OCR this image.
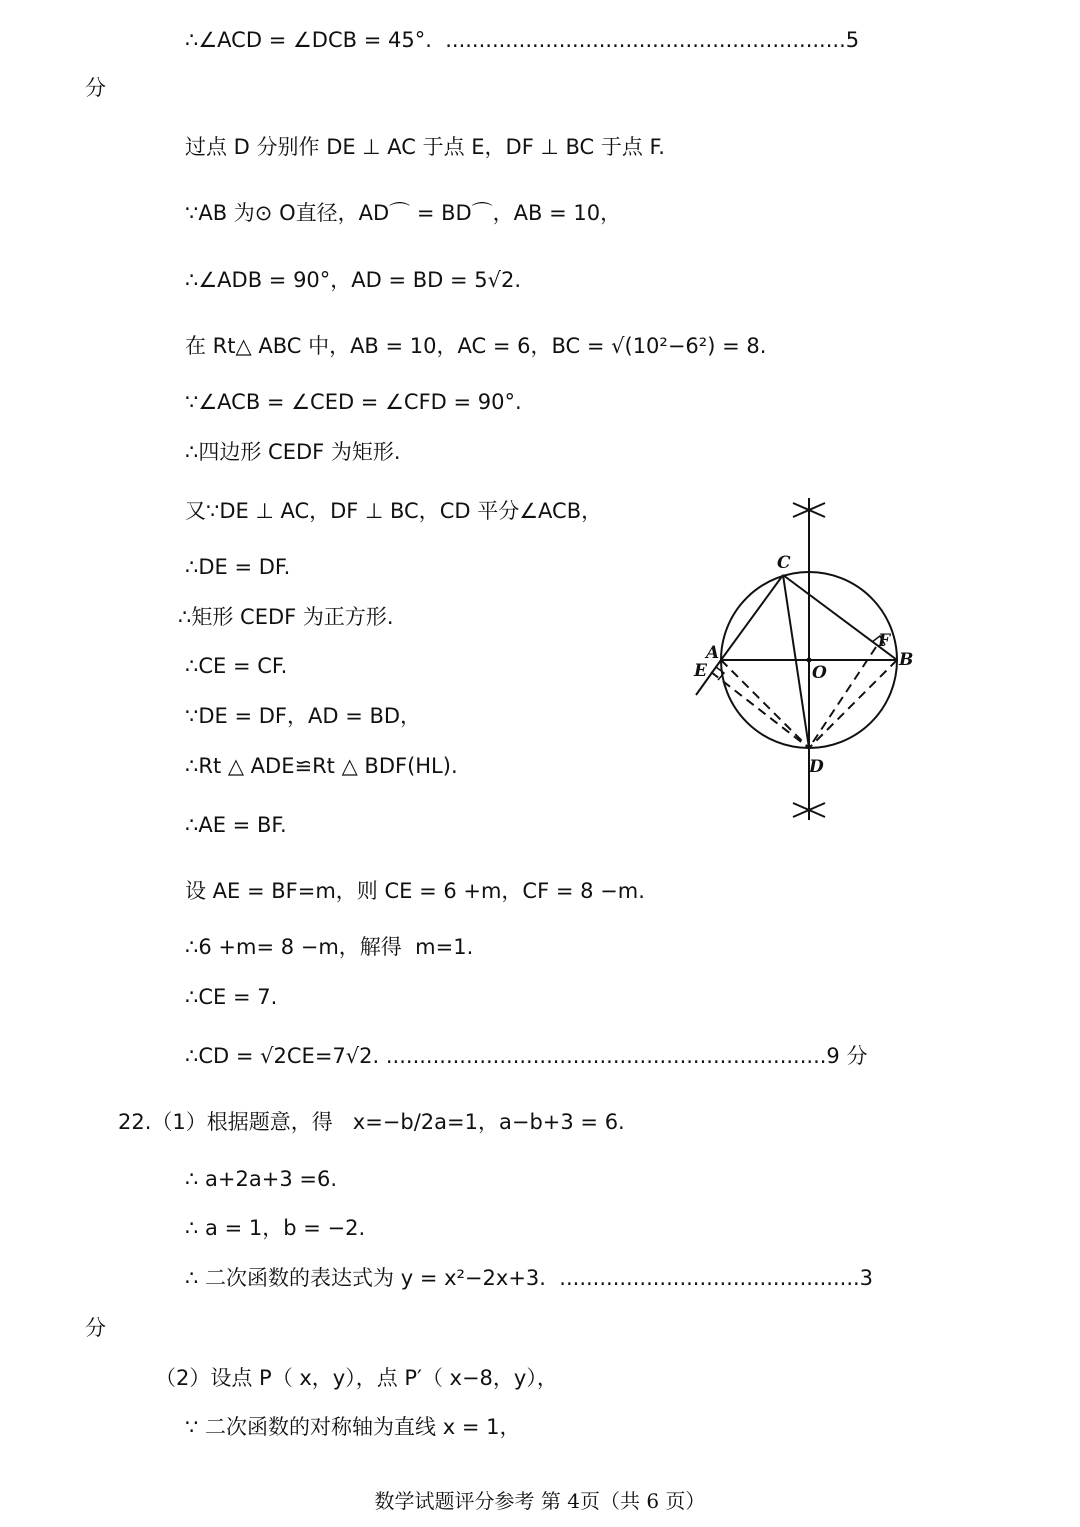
∴∠ACD = ∠DCB = 45°.  ............................................................5
分
过点 D 分别作 DE ⊥ AC 于点 E，DF ⊥ BC 于点 F.
∵AB 为⊙ O直径，AD⌒ = BD⌒，AB = 10，
∴∠ADB = 90°，AD = BD = 5√2.
在 Rt△ ABC 中，AB = 10，AC = 6，BC = √(10²−6²) = 8.
∵∠ACB = ∠CED = ∠CFD = 90°.
∴四边形 CEDF 为矩形.
又∵DE ⊥ AC，DF ⊥ BC，CD 平分∠ACB，
∴DE = DF.
∴矩形 CEDF 为正方形.
∴CE = CF.
∵DE = DF，AD = BD，
∴Rt △ ADE≌Rt △ BDF(HL).
∴AE = BF.
设 AE = BF=m，则 CE = 6 +m，CF = 8 −m.
∴6 +m= 8 −m，解得  m=1.
∴CE = 7.
∴CD = √2CE=7√2. ..................................................................9 分
22.（1）根据题意，得   x=−b/2a=1，a−b+3 = 6.
∴ a+2a+3 =6.
∴ a = 1，b = −2.
∴ 二次函数的表达式为 y = x²−2x+3.  .............................................3
分
（2）设点 P（ x，y），点 P′（ x−8，y），
∵ 二次函数的对称轴为直线 x = 1，
C
A
F
E	O
B
D
数学试题评分参考 第 4页（共 6 页）
